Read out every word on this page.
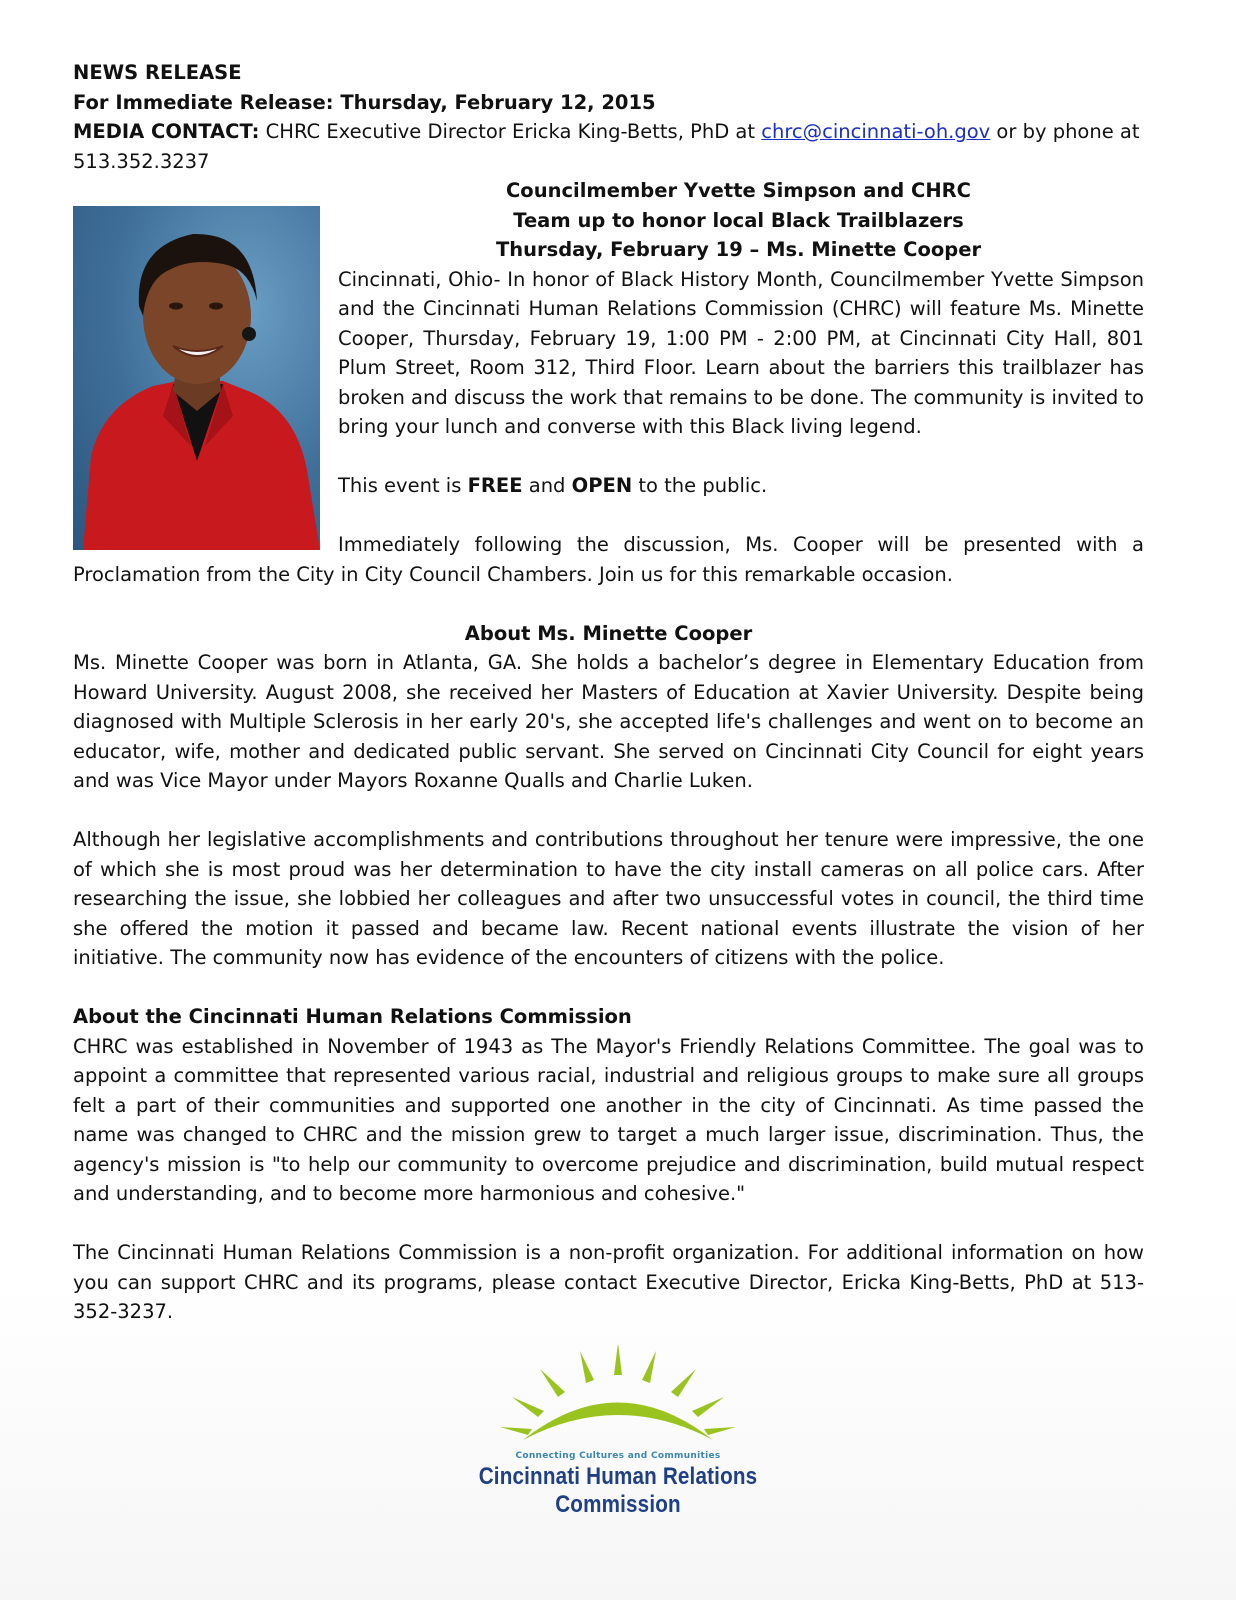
NEWS RELEASE

For Immediate Release: Thursday, February 12, 2015

MEDIA CONTACT: CHRC Executive Director Ericka King-Betts, PhD at chrc@cincinnati-oh.gov or by phone at

513.352.3237

Councilmember Yvette Simpson and CHRC
Team up to honor local Black Trailblazers
Thursday, February 19 – Ms. Minette Cooper

Cincinnati, Ohio- In honor of Black History Month, Councilmember Yvette Simpson and the Cincinnati Human Relations Commission (CHRC) will feature Ms. Minette Cooper, Thursday, February 19, 1:00 PM - 2:00 PM, at Cincinnati City Hall, 801 Plum Street, Room 312, Third Floor. Learn about the barriers this trailblazer has broken and discuss the work that remains to be done. The community is invited to bring your lunch and converse with this Black living legend.

This event is FREE and OPEN to the public.

Immediately following the discussion, Ms. Cooper will be presented with a Proclamation from the City in City Council Chambers. Join us for this remarkable occasion.

About Ms. Minette Cooper

Ms. Minette Cooper was born in Atlanta, GA. She holds a bachelor’s degree in Elementary Education from Howard University. August 2008, she received her Masters of Education at Xavier University. Despite being diagnosed with Multiple Sclerosis in her early 20's, she accepted life's challenges and went on to become an educator, wife, mother and dedicated public servant. She served on Cincinnati City Council for eight years and was Vice Mayor under Mayors Roxanne Qualls and Charlie Luken.

Although her legislative accomplishments and contributions throughout her tenure were impressive, the one of which she is most proud was her determination to have the city install cameras on all police cars. After researching the issue, she lobbied her colleagues and after two unsuccessful votes in council, the third time she offered the motion it passed and became law. Recent national events illustrate the vision of her initiative. The community now has evidence of the encounters of citizens with the police.

About the Cincinnati Human Relations Commission

CHRC was established in November of 1943 as The Mayor's Friendly Relations Committee. The goal was to appoint a committee that represented various racial, industrial and religious groups to make sure all groups felt a part of their communities and supported one another in the city of Cincinnati. As time passed the name was changed to CHRC and the mission grew to target a much larger issue, discrimination. Thus, the agency's mission is "to help our community to overcome prejudice and discrimination, build mutual respect and understanding, and to become more harmonious and cohesive."

The Cincinnati Human Relations Commission is a non-profit organization. For additional information on how you can support CHRC and its programs, please contact Executive Director, Ericka King-Betts, PhD at 513-352-3237.

Connecting Cultures and Communities
Cincinnati Human Relations Commission
